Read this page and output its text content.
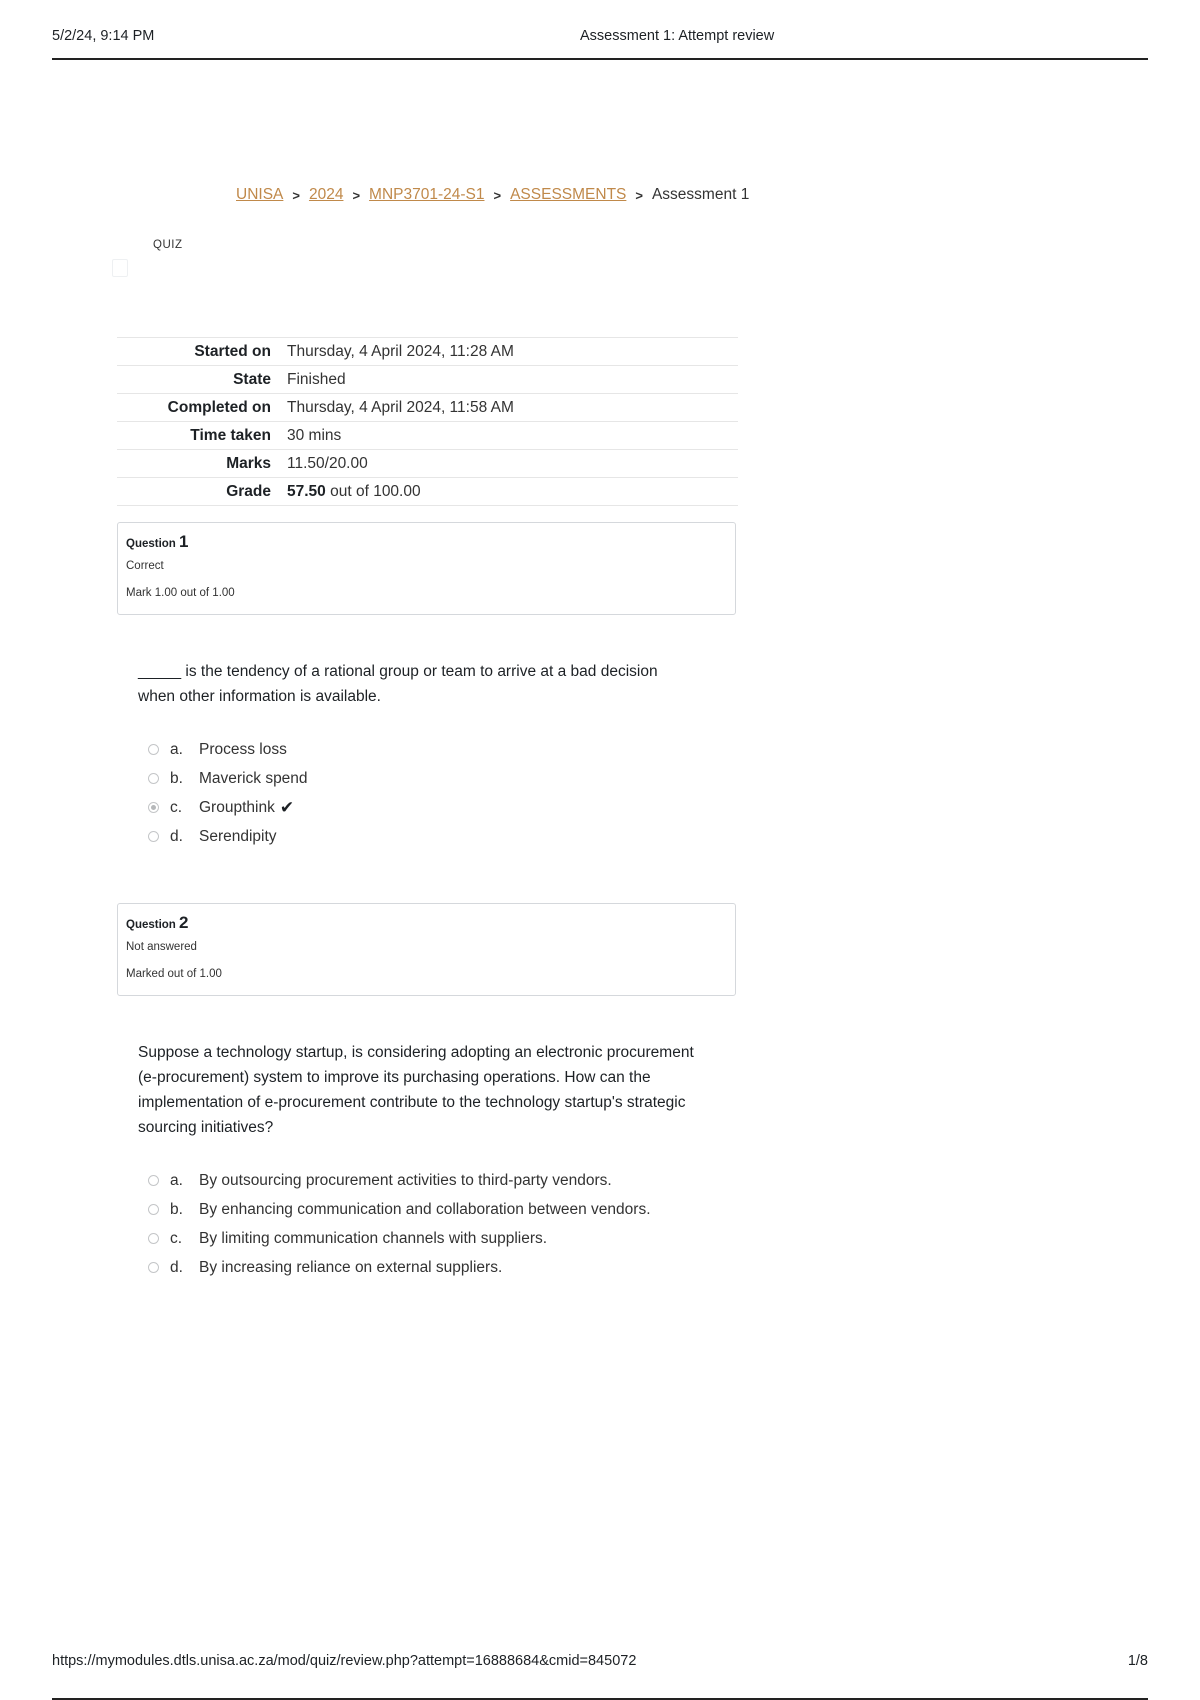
5/2/24, 9:14 PM	Assessment 1: Attempt review
UNISA > 2024 > MNP3701-24-S1 > ASSESSMENTS > Assessment 1
QUIZ
Started on	Thursday, 4 April 2024, 11:28 AM
State	Finished
Completed on	Thursday, 4 April 2024, 11:58 AM
Time taken	30 mins
Marks	11.50/20.00
Grade	57.50 out of 100.00
Question 1
Correct
Mark 1.00 out of 1.00
_____ is the tendency of a rational group or team to arrive at a bad decision when other information is available.
a.	Process loss
b.	Maverick spend
c.	Groupthink ✔
d.	Serendipity
Question 2
Not answered
Marked out of 1.00
Suppose a technology startup, is considering adopting an electronic procurement (e-procurement) system to improve its purchasing operations. How can the implementation of e-procurement contribute to the technology startup's strategic sourcing initiatives?
a.	By outsourcing procurement activities to third-party vendors.
b.	By enhancing communication and collaboration between vendors.
c.	By limiting communication channels with suppliers.
d.	By increasing reliance on external suppliers.
https://mymodules.dtls.unisa.ac.za/mod/quiz/review.php?attempt=16888684&cmid=845072	1/8
